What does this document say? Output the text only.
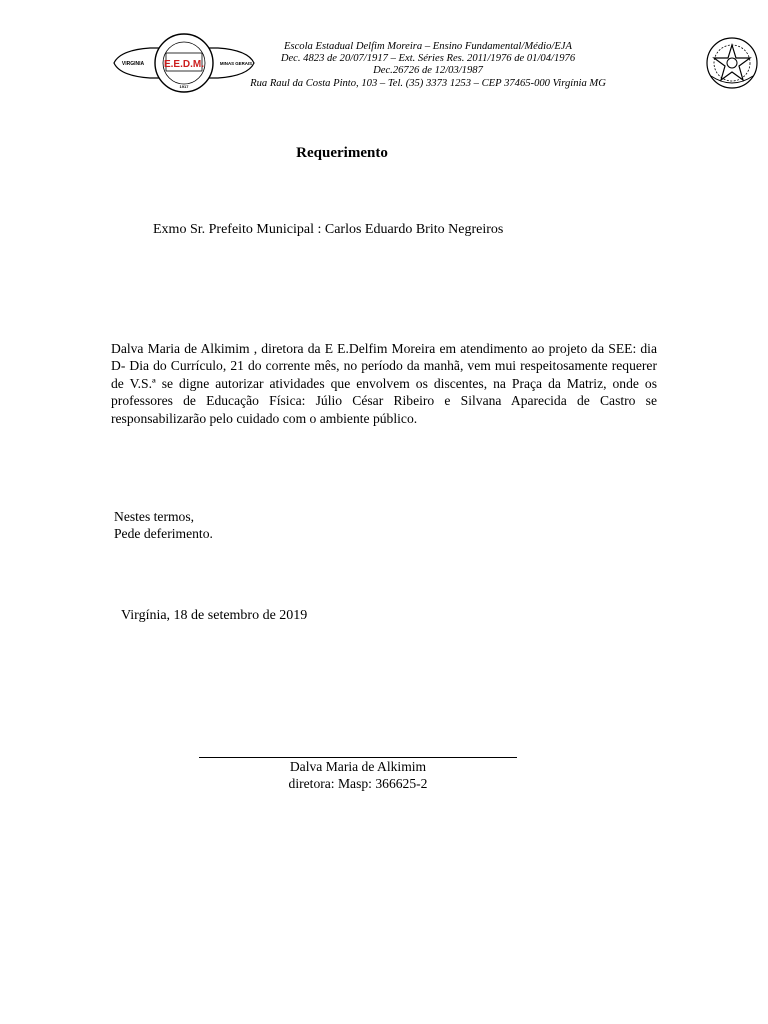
E.E.D.M.
1917
VIRGINIA	MINAS GERAIS
Escola Estadual Delfim Moreira – Ensino Fundamental/Médio/EJA
Dec. 4823 de 20/07/1917 – Ext. Séries Res. 2011/1976 de 01/04/1976
Dec.26726 de 12/03/1987
Rua Raul da Costa Pinto, 103 – Tel. (35) 3373 1253 – CEP 37465-000 Virgínia MG
Requerimento
Exmo Sr. Prefeito Municipal : Carlos Eduardo Brito Negreiros
Dalva Maria de Alkimim , diretora da E E.Delfim Moreira em atendimento ao projeto da SEE: dia D- Dia do Currículo, 21 do corrente mês, no período da manhã, vem mui respeitosamente requerer de V.S.ª se digne autorizar atividades que envolvem os discentes, na Praça da Matriz, onde os professores de Educação Física: Júlio César Ribeiro e Silvana Aparecida de Castro se responsabilizarão pelo cuidado com o ambiente público.
Nestes termos,
Pede deferimento.
Virgínia, 18 de setembro de 2019
Dalva Maria de Alkimim
diretora: Masp: 366625-2
